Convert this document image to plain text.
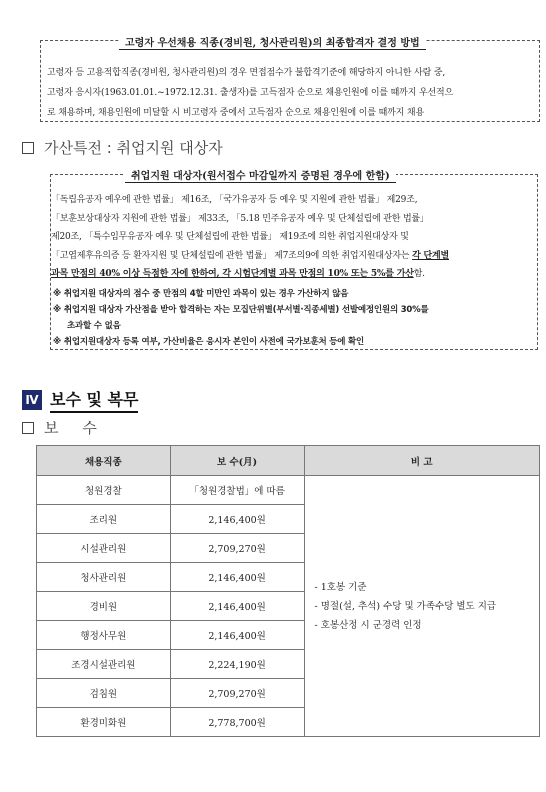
고령자 우선채용 직종(경비원, 청사관리원)의 최종합격자 결정 방법
고령자 등 고용적합직종(경비원, 청사관리원)의 경우 면접점수가 불합격기준에 해당하지 아니한 사람 중,
고령자 응시자(1963.01.01.~1972.12.31. 출생자)를 고득점자 순으로 채용인원에 이를 때까지 우선적으
로 채용하며, 채용인원에 미달할 시 비고령자 중에서 고득점자 순으로 채용인원에 이를 때까지 채용
가산특전 : 취업지원 대상자
취업지원 대상자(원서접수 마감일까지 증명된 경우에 한함)
「독립유공자 예우에 관한 법률」 제16조, 「국가유공자 등 예우 및 지원에 관한 법률」 제29조,
「보훈보상대상자 지원에 관한 법률」 제33조, 「5.18 민주유공자 예우 및 단체설립에 관한 법률」
제20조, 「특수임무유공자 예우 및 단체설립에 관한 법률」 제19조에 의한 취업지원대상자 및
「고엽제후유의증 등 환자지원 및 단체설립에 관한 법률」 제7조의9에 의한 취업지원대상자는 각 단계별
과목 만점의 40% 이상 득점한 자에 한하여, 각 시험단계별 과목 만점의 10% 또는 5%를 가산함.
※ 취업지원 대상자의 점수 중 만점의 4할 미만인 과목이 있는 경우 가산하지 않음
※ 취업지원 대상자 가산점을 받아 합격하는 자는 모집단위별(부서별·직종세별) 선발예정인원의 30%를
초과할 수 없음
※ 취업지원대상자 등록 여부, 가산비율은 응시자 본인이 사전에 국가보훈처 등에 확인
Ⅳ 보수 및 복무
보     수
채용직종	보 수(月)	비 고
청원경찰	「청원경찰법」에 따름	- 1호봉 기준
- 명절(설, 추석) 수당 및 가족수당 별도 지급
- 호봉산정 시 군경력 인정

조리원	2,146,400원	
시설관리원	2,709,270원	
청사관리원	2,146,400원	
경비원	2,146,400원	
행정사무원	2,146,400원	
조경시설관리원	2,224,190원	
검침원	2,709,270원	
환경미화원	2,778,700원	
